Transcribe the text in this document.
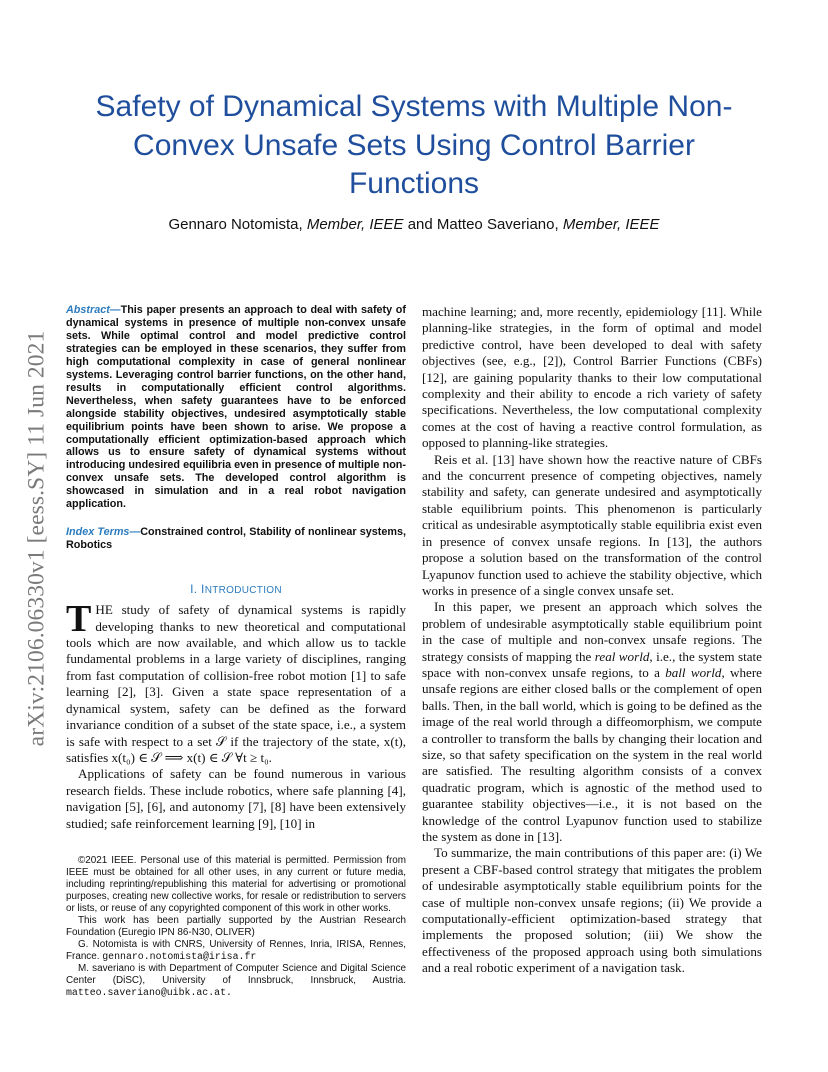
arXiv:2106.06330v1 [eess.SY] 11 Jun 2021
Safety of Dynamical Systems with Multiple Non-Convex Unsafe Sets Using Control Barrier Functions
Gennaro Notomista, Member, IEEE and Matteo Saveriano, Member, IEEE

Abstract—This paper presents an approach to deal with safety of dynamical systems in presence of multiple non-convex unsafe sets. While optimal control and model predictive control strategies can be employed in these scenarios, they suffer from high computational complexity in case of general nonlinear systems. Leveraging control barrier functions, on the other hand, results in computationally efficient control algorithms. Nevertheless, when safety guarantees have to be enforced alongside stability objectives, undesired asymptotically stable equilibrium points have been shown to arise. We propose a computationally efficient optimization-based approach which allows us to ensure safety of dynamical systems without introducing undesired equilibria even in presence of multiple non-convex unsafe sets. The developed control algorithm is showcased in simulation and in a real robot navigation application.

Index Terms—Constrained control, Stability of nonlinear systems, Robotics

I. INTRODUCTION

THE study of safety of dynamical systems is rapidly developing thanks to new theoretical and computational tools which are now available, and which allow us to tackle fundamental problems in a large variety of disciplines, ranging from fast computation of collision-free robot motion [1] to safe learning [2], [3]. Given a state space representation of a dynamical system, safety can be defined as the forward invariance condition of a subset of the state space, i.e., a system is safe with respect to a set 𝒮 if the trajectory of the state, x(t), satisfies x(t₀) ∈ 𝒮 ⟹ x(t) ∈ 𝒮 ∀t ≥ t₀.

Applications of safety can be found numerous in various research fields. These include robotics, where safe planning [4], navigation [5], [6], and autonomy [7], [8] have been extensively studied; safe reinforcement learning [9], [10] in

©2021 IEEE. Personal use of this material is permitted. Permission from IEEE must be obtained for all other uses, in any current or future media, including reprinting/republishing this material for advertising or promotional purposes, creating new collective works, for resale or redistribution to servers or lists, or reuse of any copyrighted component of this work in other works.

This work has been partially supported by the Austrian Research Foundation (Euregio IPN 86-N30, OLIVER)

G. Notomista is with CNRS, University of Rennes, Inria, IRISA, Rennes, France. gennaro.notomista@irisa.fr

M. saveriano is with Department of Computer Science and Digital Science Center (DiSC), University of Innsbruck, Innsbruck, Austria. matteo.saveriano@uibk.ac.at.

machine learning; and, more recently, epidemiology [11]. While planning-like strategies, in the form of optimal and model predictive control, have been developed to deal with safety objectives (see, e.g., [2]), Control Barrier Functions (CBFs) [12], are gaining popularity thanks to their low computational complexity and their ability to encode a rich variety of safety specifications. Nevertheless, the low computational complexity comes at the cost of having a reactive control formulation, as opposed to planning-like strategies.

Reis et al. [13] have shown how the reactive nature of CBFs and the concurrent presence of competing objectives, namely stability and safety, can generate undesired and asymptotically stable equilibrium points. This phenomenon is particularly critical as undesirable asymptotically stable equilibria exist even in presence of convex unsafe regions. In [13], the authors propose a solution based on the transformation of the control Lyapunov function used to achieve the stability objective, which works in presence of a single convex unsafe set.

In this paper, we present an approach which solves the problem of undesirable asymptotically stable equilibrium point in the case of multiple and non-convex unsafe regions. The strategy consists of mapping the real world, i.e., the system state space with non-convex unsafe regions, to a ball world, where unsafe regions are either closed balls or the complement of open balls. Then, in the ball world, which is going to be defined as the image of the real world through a diffeomorphism, we compute a controller to transform the balls by changing their location and size, so that safety specification on the system in the real world are satisfied. The resulting algorithm consists of a convex quadratic program, which is agnostic of the method used to guarantee stability objectives—i.e., it is not based on the knowledge of the control Lyapunov function used to stabilize the system as done in [13].

To summarize, the main contributions of this paper are: (i) We present a CBF-based control strategy that mitigates the problem of undesirable asymptotically stable equilibrium points for the case of multiple non-convex unsafe regions; (ii) We provide a computationally-efficient optimization-based strategy that implements the proposed solution; (iii) We show the effectiveness of the proposed approach using both simulations and a real robotic experiment of a navigation task.
